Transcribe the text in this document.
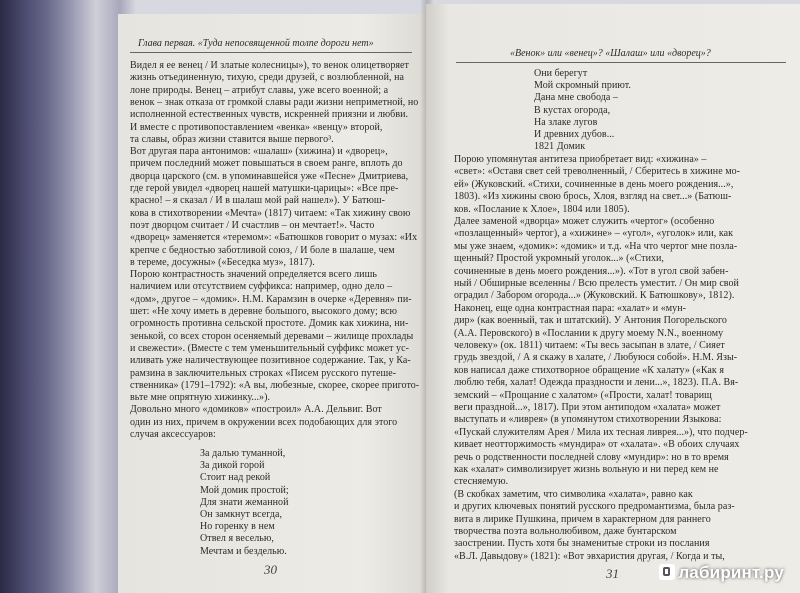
Глава первая. «Туда непосвященной толпе дороги нет»
Видел я ее венец / И златые колесницы»), то венок олицетворяет
жизнь отъединенную, тихую, среди друзей, с возлюбленной, на
лоне природы. Венец – атрибут славы, уже всего военной; а
венок – знак отказа от громкой славы ради жизни неприметной, но
исполненной естественных чувств, искренней приязни и любви.
И вместе с противопоставлением «венка» «венцу» второй,
та славы, образ жизни ставится выше первого³.
Вот другая пара антонимов: «шалаш» (хижина) и «дворец»,
причем последний может повышаться в своем ранге, вплоть до
дворца царского (см. в упоминавшейся уже «Песне» Дмитриева,
где герой увидел «дворец нашей матушки-царицы»: «Все пре-
красно! – я сказал / И в шалаш мой рай нашел»). У Батюш-
кова в стихотворении «Мечта» (1817) читаем: «Так хижину свою
поэт дворцом считает / И счастлив – он мечтает!». Часто
«дворец» заменяется «теремом»: «Батюшков говорит о музах: «Их
крепче с бедностью заботливой союз, / И боле в шалаше, чем
в тереме, досужны» («Беседка муз», 1817).
Порою контрастность значений определяется всего лишь
наличием или отсутствием суффикса: например, одно дело –
«дом», другое – «домик». Н.М. Карамзин в очерке «Деревня» пи-
шет: «Не хочу иметь в деревне большого, высокого дому; всю
огромность противна сельской простоте. Домик как хижина, ни-
зенькой, со всех сторон осеняемый деревами – жилище прохлады
и свежести». (Вместе с тем уменьшительный суффикс может ус-
иливать уже наличествующее позитивное содержание. Так, у Ка-
рамзина в заключительных строках «Писем русского путеше-
ственника» (1791–1792): «А вы, любезные, скорее, скорее пригото-
вьте мне опрятную хижинку...»).
Довольно много «домиков» «построил» А.А. Дельвиг. Вот
один из них, причем в окружении всех подобающих для этого
случая аксессуаров:
За далью туманной,
За дикой горой
Стоит над рекой
Мой домик простой;
Для знати жеманной
Он замкнут всегда,
Но горенку в нем
Отвел я веселью,
Мечтам и безделью.
30
«Венок» или «венец»? «Шалаш» или «дворец»?
Они берегут
Мой скромный приют.
Дана мне свобода –
В кустах огорода,
На злаке лугов
И древних дубов...
1821 Домик
Порою упомянутая антитеза приобретает вид: «хижина» –
«свет»: «Оставя свет сей треволненный, / Сберитесь в хижине мо-
ей» (Жуковский. «Стихи, сочиненные в день моего рождения...»,
1803). «Из хижины свою брось, Хлоя, взгляд на свет...» (Батюш-
ков. «Послание к Хлое», 1804 или 1805).
Далее заменой «дворца» может служить «чертог» (особенно
«позлащенный» чертог), а «хижине» – «угол», «уголок» или, как
мы уже знаем, «домик»: «домик» и т.д. «На что чертог мне позла-
щенный? Простой укромный уголок...» («Стихи,
сочиненные в день моего рождения...»). «Тот в угол свой забен-
ный / Обширные вселенны / Всю прелесть уместит. / Он мир свой
оградил / Забором огорода...» (Жуковский. К Батюшкову», 1812).
Наконец, еще одна контрастная пара: «халат» и «мун-
дир» (как военный, так и штатский). У Антония Погорельского
(А.А. Перовского) в «Послании к другу моему N.N., военному
человеку» (ок. 1811) читаем: «Ты весь засыпан в злате, / Сияет
грудь звездой, / А я скажу в халате, / Любуюся собой». Н.М. Язы-
ков написал даже стихотворное обращение «К халату» («Как я
люблю тебя, халат! Одежда праздности и лени...», 1823). П.А. Вя-
земский – «Прощание с халатом» («Прости, халат! товарищ
веги праздной...», 1817). При этом антиподом «халата» может
выступать и «ливрея» (в упомянутом стихотворении Языкова:
«Пускай служителям Арея / Мила их тесная ливрея...»), что подчер-
кивает неотторжимость «мундира» от «халата». «В обоих случаях
речь о родственности последней слову «мундир»: но в то время
как «халат» символизирует жизнь вольную и ни перед кем не
стесняемую.
(В скобках заметим, что символика «халата», равно как
и других ключевых понятий русского предромантизма, была раз-
вита в лирике Пушкина, причем в характерном для раннего
творчества поэта вольнолюбивом, даже бунтарском
заострении. Пусть хотя бы знаменитые строки из послания
«В.Л. Давыдову» (1821): «Вот эвхаристия другая, / Когда и ты,
31	лабиринт.ру
